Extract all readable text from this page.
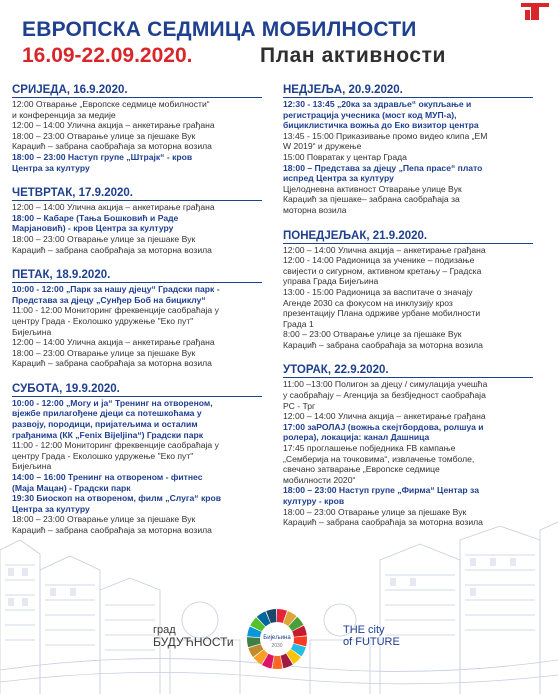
ЕВРОПСКА СЕДМИЦА МОБИЛНОСТИ
16.09-22.09.2020.	План активности
СРИЈЕДА, 16.9.2020.
12:00 Отварање „Европске седмице мобилности“
и конференција за медије
12:00 – 14:00 Улична акција – анкетирање грађана
18:00 – 23:00 Отварање улице за пјешаке Вук
Караџић – забрана саобраћаја за моторна возила
18:00 – 23:00 Наступ групе „Штрајк“ - кров
Центра за културу
ЧЕТВРТАК, 17.9.2020.
12:00 – 14:00 Улична акција – анкетирање грађана
18:00 – Кабаре (Тања Бошковић и Раде
Марјановић) - кров Центра за културу
18:00 – 23:00 Отварање улице за пјешаке Вук
Караџић – забрана саобраћаја за моторна возила
ПЕТАК, 18.9.2020.
10:00 - 12:00 „Парк за нашу дјецу“ Градски парк -
Представа за дјецу „Сунђер Боб на бициклу“
11:00 - 12:00 Мониторинг фреквенције саобраћаја у
центру Града - Еколошко удружење "Еко пут"
Бијељина
12:00 – 14:00 Улична акција – анкетирање грађана
18:00 – 23:00 Отварање улице за пјешаке Вук
Караџић – забрана саобраћаја за моторна возила
СУБОТА, 19.9.2020.
10:00 - 12:00 „Могу и ја“ Тренинг на отвореном,
вјежбе прилагођене дјеци са потешкоћама у
развоју, породици, пријатељима и осталим
грађанима (КК „Fenix Bijeljina“) Градски парк
11:00 - 12:00 Мониторинг фреквенције саобраћаја у
центру Града - Еколошко удружење "Еко пут"
Бијељина
14:00 – 16:00 Тренинг на отвореном - фитнес
(Маја Мацан) - Градски парк
19:30 Биоскоп на отвореном, филм „Слуга“ кров
Центра за културу
18:00 – 23:00 Отварање улице за пјешаке Вук
Караџић – забрана саобраћаја за моторна возила
НЕДЈЕЉА, 20.9.2020.
12:30 - 13:45 „20ка за здравље“ окупљање и
регистрација учесника (мост код МУП-а),
бициклистичка вожња до Еко визитор центра
13:45 - 15:00 Приказивање промо видео клипа „ЕМ
W 2019“ и дружење
15:00 Повратак у центар Града
18:00 – Представа за дјецу „Пепа прасе“ плато
испред Центра за културу
Цјелодневна активност Отварање улице Вук
Караџић за пјешаке– забрана саобраћаја за
моторна возила
ПОНЕДЈЕЉАК, 21.9.2020.
12:00 – 14:00 Улична акција – анкетирање грађана
12:00 - 14:00 Радионица за ученике – подизање
свијести о сигурном, активном кретању – Градска
управа Града Бијељина
13:00 - 15:00 Радионица за васпитаче о значају
Агенде 2030 са фокусом на инклузију кроз
презентацију Плана одрживе урбане мобилности
Града 1
8:00 – 23:00 Отварање улице за пјешаке Вук
Караџић – забрана саобраћаја за моторна возила
УТОРАК, 22.9.2020.
11:00 –13:00 Полигон за дјецу / симулација учешћа
у саобраћају – Агенција за безбједност саобраћаја
РС - Трг
12:00 – 14:00 Улична акција – анкетирање грађана
17:00 заРОЛАЈ (вожња скејтбордова, ролшуа и
ролера), локација: канал Дашница
17:45 проглашење побједника FB кампање
„Семберија на точковима“, извлачење томболе,
свечано затварање „Европске седмице
мобилности 2020“
18:00 – 23:00 Наступ групе „Фирма“ Центар за
културу - кров
18:00 – 23:00 Отварање улице за пјешаке Вук
Караџић – забрана саобраћаја за моторна возила
град
БУДУЋНОСТи	Бијељина
2030
THE city
of FUTURE
